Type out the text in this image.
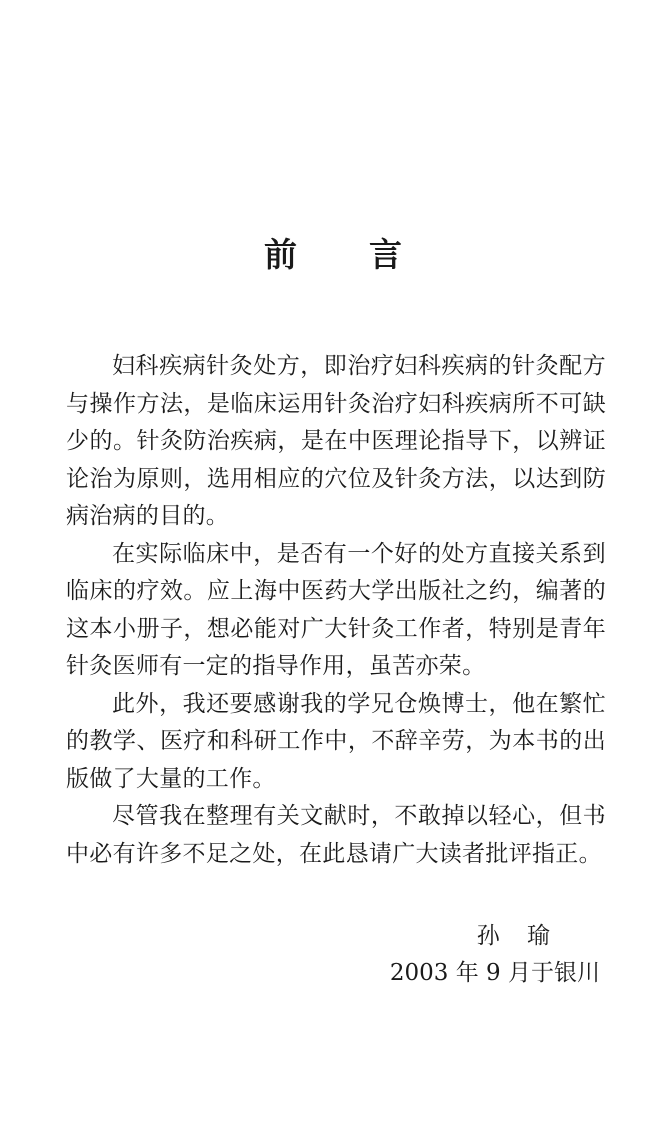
前 言

妇科疾病针灸处方，即治疗妇科疾病的针灸配方与操作方法，是临床运用针灸治疗妇科疾病所不可缺少的。针灸防治疾病，是在中医理论指导下，以辨证论治为原则，选用相应的穴位及针灸方法，以达到防病治病的目的。

在实际临床中，是否有一个好的处方直接关系到临床的疗效。应上海中医药大学出版社之约，编著的这本小册子，想必能对广大针灸工作者，特别是青年针灸医师有一定的指导作用，虽苦亦荣。

此外，我还要感谢我的学兄仓焕博士，他在繁忙的教学、医疗和科研工作中，不辞辛劳，为本书的出版做了大量的工作。

尽管我在整理有关文献时，不敢掉以轻心，但书中必有许多不足之处，在此恳请广大读者批评指正。

孙 瑜
2003 年 9 月于银川
